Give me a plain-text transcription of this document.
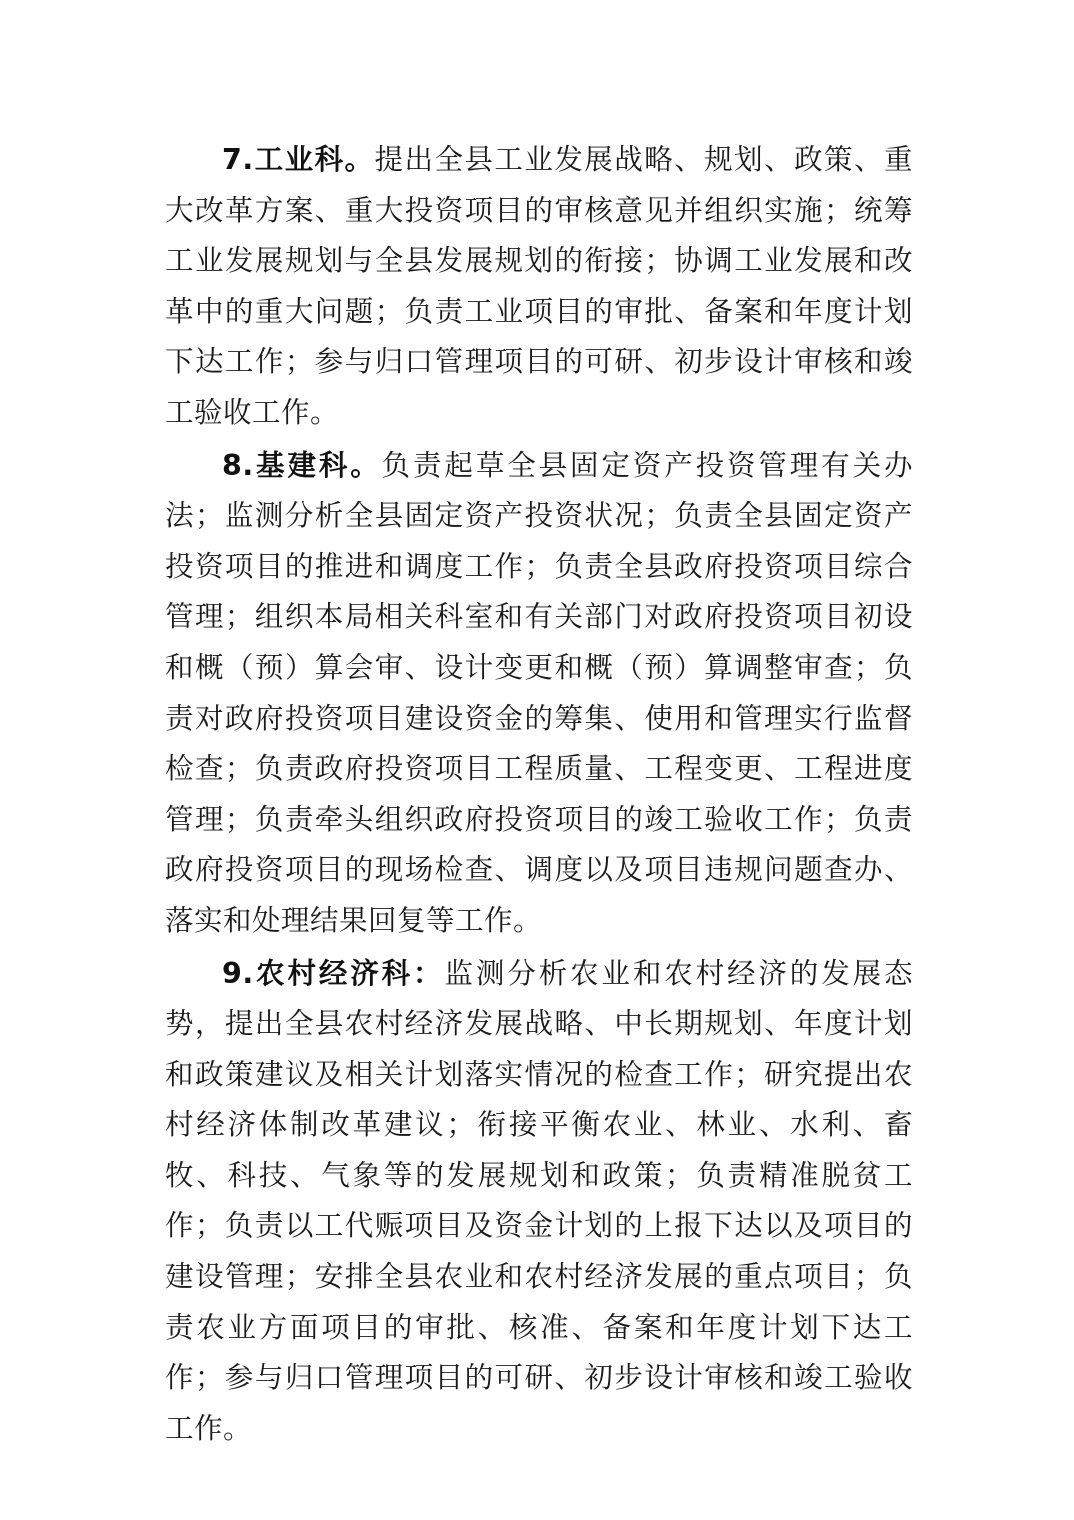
7.工业科。提出全县工业发展战略、规划、政策、重大改革方案、重大投资项目的审核意见并组织实施；统筹工业发展规划与全县发展规划的衔接；协调工业发展和改革中的重大问题；负责工业项目的审批、备案和年度计划下达工作；参与归口管理项目的可研、初步设计审核和竣工验收工作。

8.基建科。负责起草全县固定资产投资管理有关办法；监测分析全县固定资产投资状况；负责全县固定资产投资项目的推进和调度工作；负责全县政府投资项目综合管理；组织本局相关科室和有关部门对政府投资项目初设和概（预）算会审、设计变更和概（预）算调整审查；负责对政府投资项目建设资金的筹集、使用和管理实行监督检查；负责政府投资项目工程质量、工程变更、工程进度管理；负责牵头组织政府投资项目的竣工验收工作；负责政府投资项目的现场检查、调度以及项目违规问题查办、落实和处理结果回复等工作。

9.农村经济科：监测分析农业和农村经济的发展态势，提出全县农村经济发展战略、中长期规划、年度计划和政策建议及相关计划落实情况的检查工作；研究提出农村经济体制改革建议；衔接平衡农业、林业、水利、畜牧、科技、气象等的发展规划和政策；负责精准脱贫工作；负责以工代赈项目及资金计划的上报下达以及项目的建设管理；安排全县农业和农村经济发展的重点项目；负责农业方面项目的审批、核准、备案和年度计划下达工作；参与归口管理项目的可研、初步设计审核和竣工验收工作。
